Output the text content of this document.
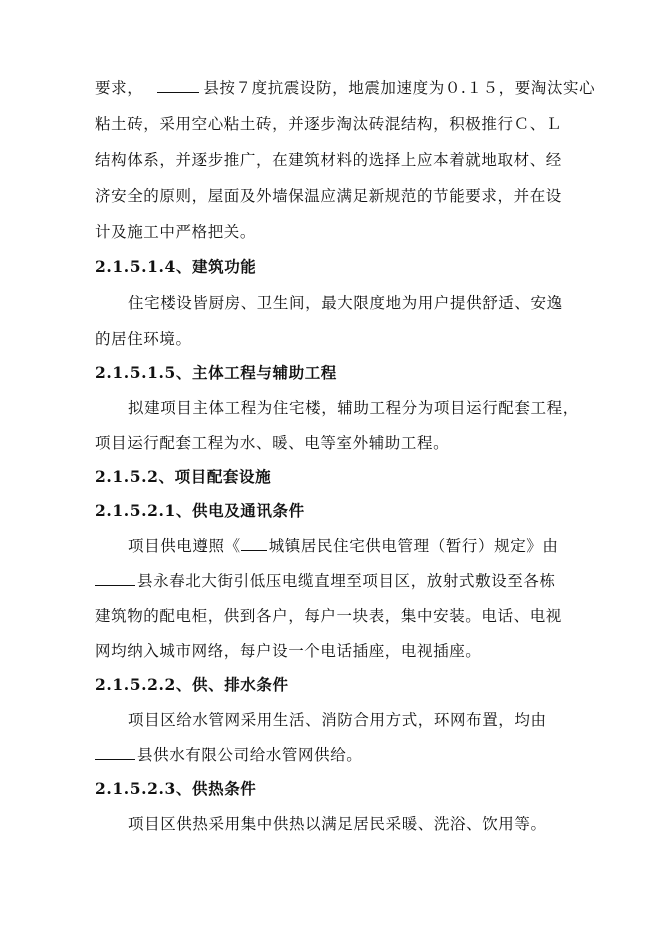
要求，	县按７度抗震设防，地震加速度为０.１５，要淘汰实心
粘土砖，采用空心粘土砖，并逐步淘汰砖混结构，积极推行Ｃ、Ｌ
结构体系，并逐步推广，在建筑材料的选择上应本着就地取材、经
济安全的原则，屋面及外墙保温应满足新规范的节能要求，并在设
计及施工中严格把关。
2.1.5.1.4、建筑功能
住宅楼设皆厨房、卫生间，最大限度地为用户提供舒适、安逸
的居住环境。
2.1.5.1.5、主体工程与辅助工程
拟建项目主体工程为住宅楼，辅助工程分为项目运行配套工程，
项目运行配套工程为水、暖、电等室外辅助工程。
2.1.5.2、项目配套设施
2.1.5.2.1、供电及通讯条件
项目供电遵照《 城镇居民住宅供电管理（暂行）规定》由
县永春北大街引低压电缆直埋至项目区，放射式敷设至各栋
建筑物的配电柜，供到各户，每户一块表，集中安装。电话、电视
网均纳入城市网络，每户设一个电话插座，电视插座。
2.1.5.2.2、供、排水条件
项目区给水管网采用生活、消防合用方式，环网布置，均由
县供水有限公司给水管网供给。
2.1.5.2.3、供热条件
项目区供热采用集中供热以满足居民采暖、洗浴、饮用等。
